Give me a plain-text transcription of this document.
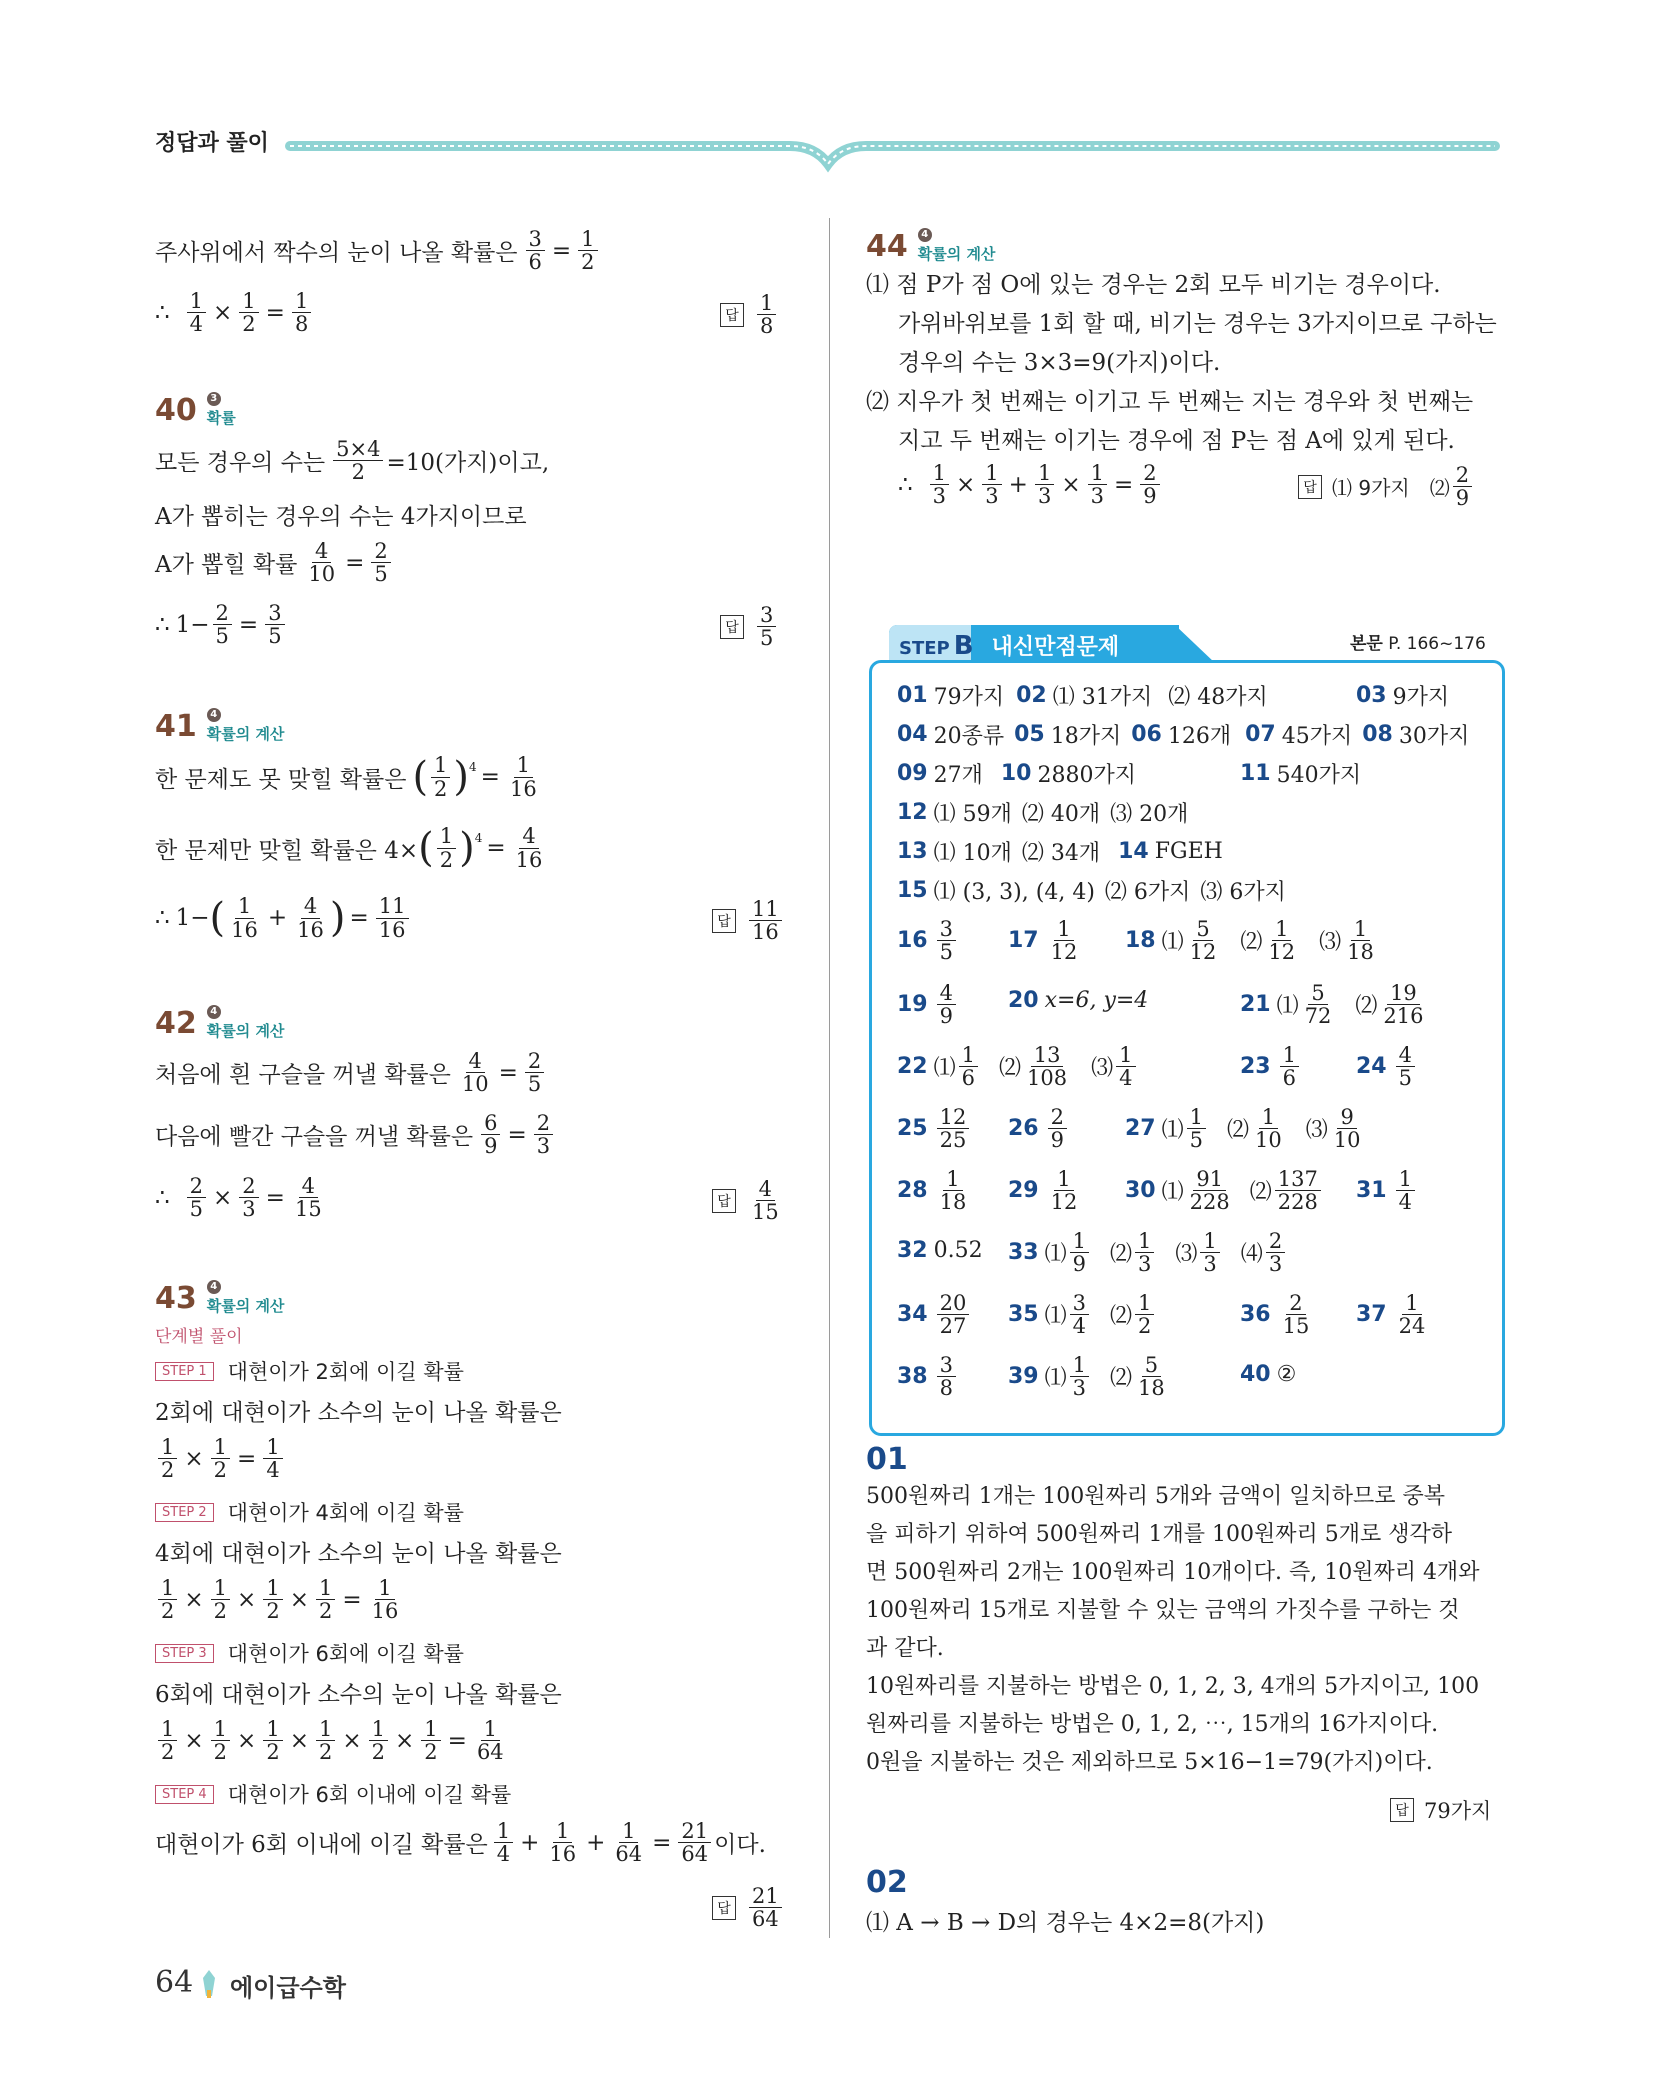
정답과 풀이
주사위에서 짝수의 눈이 나올 확률은 $\frac{3}{6} = \frac{1}{2}$
∴ $\frac{1}{4} \times \frac{1}{2} = \frac{1}{8}$	답 $\frac{1}{8}$
40	3
확률
모든 경우의 수는 $\frac{5\times 4}{2} =10$(가지)이고,
A가 뽑히는 경우의 수는 4가지이므로
A가 뽑힐 확률 $\frac{4}{10} = \frac{2}{5}$
∴ $1- \frac{2}{5} = \frac{3}{5}$	답 $\frac{3}{5}$
41	4
확률의 계산
한 문제도 못 맞힐 확률은 ( $\frac{1}{2} )^4 = \frac{1}{16}$
한 문제만 맞힐 확률은 4× ( $\frac{1}{2} )^4 = \frac{4}{16}$
∴ 1− ( $\frac{1}{16} + \frac{4}{16}$ ) = $\frac{11}{16}$	답 $\frac{11}{16}$
42	4
확률의 계산
처음에 흰 구슬을 꺼낼 확률은 $\frac{4}{10} = \frac{2}{5}$
다음에 빨간 구슬을 꺼낼 확률은 $\frac{6}{9} = \frac{2}{3}$
∴ $\frac{2}{5} \times \frac{2}{3} = \frac{4}{15}$	답 $\frac{4}{15}$
43	4
확률의 계산
단계별 풀이
STEP 1	대현이가 2회에 이길 확률
2회에 대현이가 소수의 눈이 나올 확률은
$\frac{1}{2} \times \frac{1}{2} = \frac{1}{4}$
STEP 2	대현이가 4회에 이길 확률
4회에 대현이가 소수의 눈이 나올 확률은
$\frac{1}{2} \times \frac{1}{2} \times \frac{1}{2} \times \frac{1}{2} = \frac{1}{16}$
STEP 3	대현이가 6회에 이길 확률
6회에 대현이가 소수의 눈이 나올 확률은
$\frac{1}{2} \times \frac{1}{2} \times \frac{1}{2} \times \frac{1}{2} \times \frac{1}{2} \times \frac{1}{2} = \frac{1}{64}$
STEP 4	대현이가 6회 이내에 이길 확률
대현이가 6회 이내에 이길 확률은 $\frac{1}{4} + \frac{1}{16} + \frac{1}{64} = \frac{21}{64}$ 이다.
답 $\frac{21}{64}$
64 에이급수학
44	4
확률의 계산
⑴ 점 P가 점 O에 있는 경우는 2회 모두 비기는 경우이다.
가위바위보를 1회 할 때, 비기는 경우는 3가지이므로 구하는
경우의 수는 3×3=9(가지)이다.
⑵ 지우가 첫 번째는 이기고 두 번째는 지는 경우와 첫 번째는
지고 두 번째는 이기는 경우에 점 P는 점 A에 있게 된다.
∴ $\frac{1}{3} \times \frac{1}{3} + \frac{1}{3} \times \frac{1}{3} = \frac{2}{9}$	답 ⑴ 9가지 ⑵ $\frac{2}{9}$
STEP B 내신만점문제	본문 P. 166~176
01 79가지 02 ⑴ 31가지 ⑵ 48가지	03 9가지
04 20종류 05 18가지 06 126개 07 45가지 08 30가지
09 27개 10 2880가지	11 540가지
12 ⑴ 59개 ⑵ 40개 ⑶ 20개
13 ⑴ 10개 ⑵ 34개 14 FGEH
15 ⑴ (3, 3), (4, 4) ⑵ 6가지 ⑶ 6가지
$16 \frac{3}{5} 17 \frac{1}{12} 18$ ⑴ $\frac{5}{12}$ ⑵ $\frac{1}{12}$ ⑶ $\frac{1}{18}$
$19 \frac{4}{9} 20$ x=6, y=4	21 ⑴ $\frac{5}{72}$ ⑵ $\frac{19}{216}$
22 ⑴ $\frac{1}{6}$ ⑵ $\frac{13}{108}$ ⑶ $\frac{1}{4}$	$23 \frac{1}{6}$	$24 \frac{4}{5}$
$25 \frac{12}{25} 26 \frac{2}{9}$	27 ⑴ $\frac{1}{5}$ ⑵ $\frac{1}{10}$ ⑶ $\frac{9}{10}$
$28 \frac{1}{18} 29 \frac{1}{12} 30$ ⑴ $\frac{91}{228}$ ⑵ $\frac{137}{228} 31 \frac{1}{4}$
32 0.52 33 ⑴ $\frac{1}{9}$ ⑵ $\frac{1}{3}$ ⑶ $\frac{1}{3}$ ⑷ $\frac{2}{3}$
$34 \frac{20}{27} 35$ ⑴ $\frac{3}{4}$ ⑵ $\frac{1}{2}$	$36 \frac{2}{15} 37 \frac{1}{24}$
$38 \frac{3}{8} 39$ ⑴ $\frac{1}{3}$ ⑵ $\frac{5}{18}$	40 ②
01
500원짜리 1개는 100원짜리 5개와 금액이 일치하므로 중복
을 피하기 위하여 500원짜리 1개를 100원짜리 5개로 생각하
면 500원짜리 2개는 100원짜리 10개이다. 즉, 10원짜리 4개와
100원짜리 15개로 지불할 수 있는 금액의 가짓수를 구하는 것
과 같다.
10원짜리를 지불하는 방법은 0, 1, 2, 3, 4개의 5가지이고, 100
원짜리를 지불하는 방법은 0, 1, 2, ⋯, 15개의 16가지이다.
0원을 지불하는 것은 제외하므로 5×16−1=79(가지)이다.
답 79가지
02
⑴ A → B → D의 경우는 4×2=8(가지)
